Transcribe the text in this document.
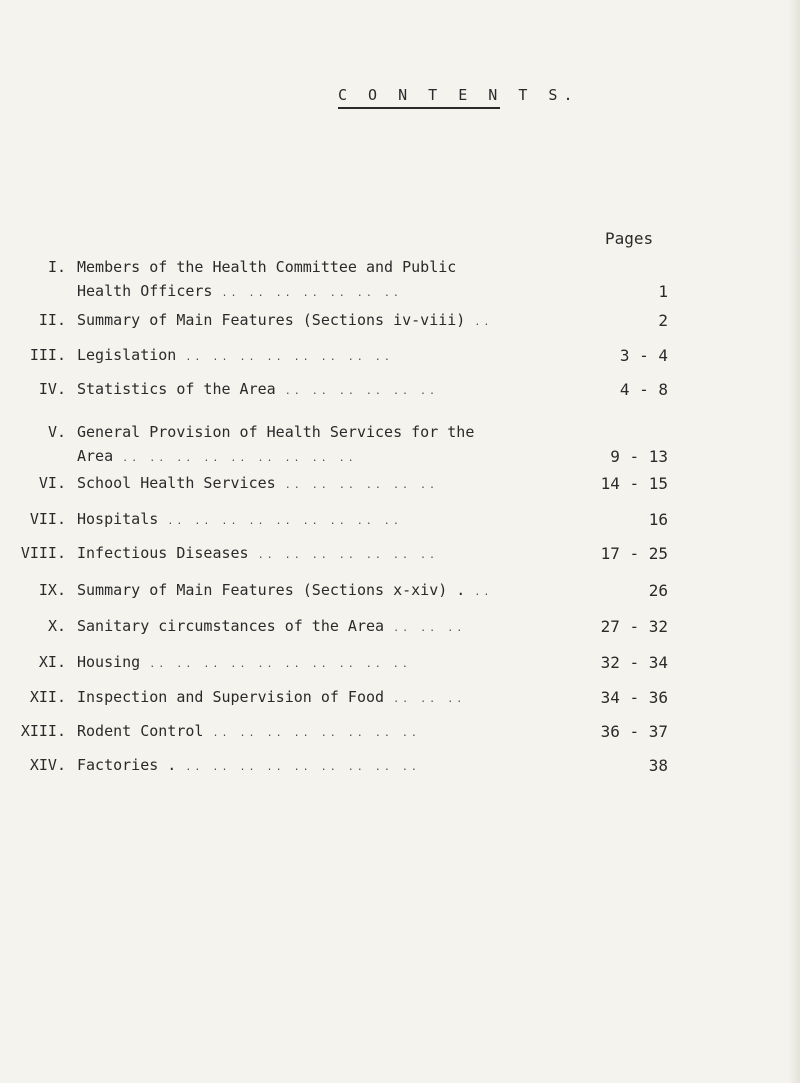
C O N T E N T S.
Pages
I. Members of the Health Committee and Public
Health Officers .. .. .. .. .. .. ..	1
II. Summary of Main Features (Sections iv-viii) ..	2
III. Legislation .. .. .. .. .. .. .. ..	3 - 4
IV. Statistics of the Area .. .. .. .. .. ..	4 - 8
V. General Provision of Health Services for the
Area .. .. .. .. .. .. .. .. ..	9 - 13
VI. School Health Services .. .. .. .. .. ..	14 - 15
VII. Hospitals .. .. .. .. .. .. .. .. ..	16
VIII. Infectious Diseases .. .. .. .. .. .. ..	17 - 25
IX. Summary of Main Features (Sections x-xiv) . ..	26
X. Sanitary circumstances of the Area .. .. ..	27 - 32
XI. Housing .. .. .. .. .. .. .. .. .. ..	32 - 34
XII. Inspection and Supervision of Food .. .. ..	34 - 36
XIII. Rodent Control .. .. .. .. .. .. .. ..	36 - 37
XIV. Factories . .. .. .. .. .. .. .. .. ..	38
